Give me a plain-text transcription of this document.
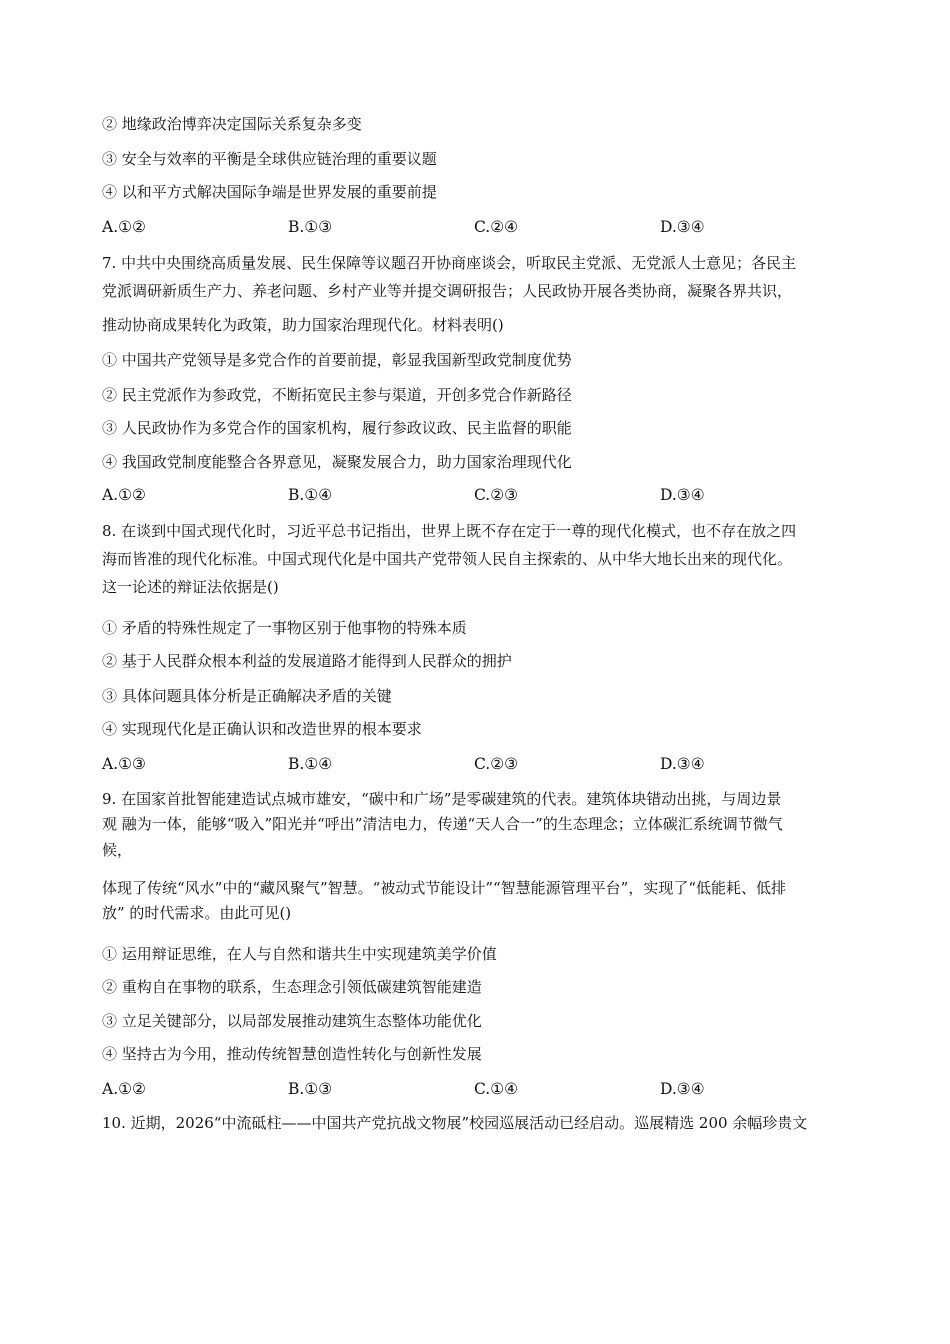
② 地缘政治博弈决定国际关系复杂多变
③ 安全与效率的平衡是全球供应链治理的重要议题
④ 以和平方式解决国际争端是世界发展的重要前提
A.①②	B.①③	C.②④	D.③④
7. 中共中央围绕高质量发展、民生保障等议题召开协商座谈会，听取民主党派、无党派人士意见；各民主
党派调研新质生产力、养老问题、乡村产业等并提交调研报告；人民政协开展各类协商，凝聚各界共识，
推动协商成果转化为政策，助力国家治理现代化。材料表明()
① 中国共产党领导是多党合作的首要前提，彰显我国新型政党制度优势
② 民主党派作为参政党，不断拓宽民主参与渠道，开创多党合作新路径
③ 人民政协作为多党合作的国家机构，履行参政议政、民主监督的职能
④ 我国政党制度能整合各界意见，凝聚发展合力，助力国家治理现代化
A.①②	B.①④	C.②③	D.③④
8. 在谈到中国式现代化时，习近平总书记指出，世界上既不存在定于一尊的现代化模式，也不存在放之四
海而皆准的现代化标准。中国式现代化是中国共产党带领人民自主探索的、从中华大地长出来的现代化。
这一论述的辩证法依据是()
① 矛盾的特殊性规定了一事物区别于他事物的特殊本质
② 基于人民群众根本利益的发展道路才能得到人民群众的拥护
③ 具体问题具体分析是正确解决矛盾的关键
④ 实现现代化是正确认识和改造世界的根本要求
A.①③	B.①④	C.②③	D.③④
9. 在国家首批智能建造试点城市雄安，“碳中和广场”是零碳建筑的代表。建筑体块错动出挑，与周边景
观 融为一体，能够“吸入”阳光并“呼出”清洁电力，传递“天人合一”的生态理念；立体碳汇系统调节微气
候，
体现了传统“风水”中的“藏风聚气”智慧。“被动式节能设计”“智慧能源管理平台”，实现了“低能耗、低排
放” 的时代需求。由此可见()
① 运用辩证思维，在人与自然和谐共生中实现建筑美学价值
② 重构自在事物的联系，生态理念引领低碳建筑智能建造
③ 立足关键部分，以局部发展推动建筑生态整体功能优化
④ 坚持古为今用，推动传统智慧创造性转化与创新性发展
A.①②	B.①③	C.①④	D.③④
10. 近期，2026“中流砥柱——中国共产党抗战文物展”校园巡展活动已经启动。巡展精选 200 余幅珍贵文
